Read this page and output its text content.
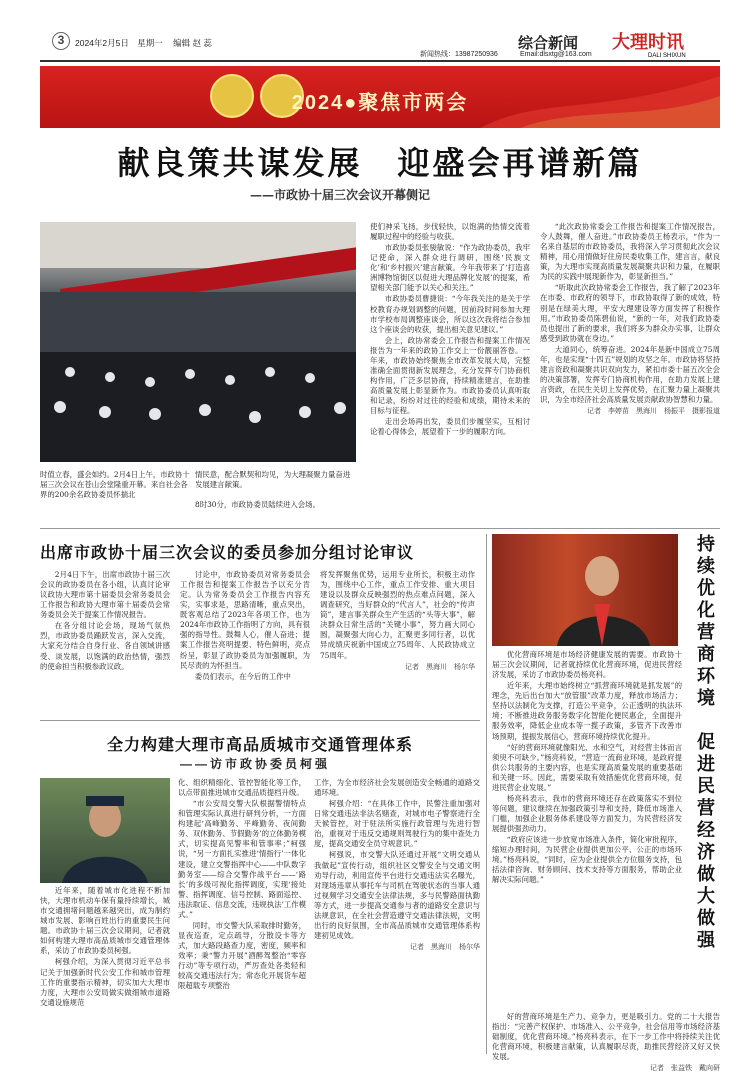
3	2024年2月5日 星期一 编辑 赵 蕊
新闻热线：13987250936	Email:dlsxtg@163.com
综合新闻 大理时讯
DALI SHIXUN
2024●聚焦市两会
献良策共谋发展　迎盛会再谱新篇
——市政协十届三次会议开幕侧记
时值立春，盛会如约。2月4日上午，市政协十届三次会议在苍山会堂隆重开幕。来自社会各界的200余名政协委员怀揣北
情民意，配合默契和均见，为大理凝聚力量奋进发展建言献策。
8时30分，市政协委员陆续进入会场。

使们神采飞扬，步伐轻快，以饱满的热情交流着履职过程中的经验与收获。

市政协委员张骏敏说：“作为政协委员，我牢记使命，深入群众进行调研，围绕‘民族文化’和‘乡村振兴’建言献策。今年我带来了‘打造喜洲博物馆街区以促进大理品牌化发展’的提案，希望相关部门能予以关心和关注。”

市政协委员曹捷说：“今年我关注的是关于学校教育办规划调整的问题，因前段时间参加大理市学校布局调整座谈会，所以这次我将结合参加这个座谈会的收获，提出相关意见建议。”

会上，政协常委会工作报告和提案工作情况报告为一年来的政协工作交上一份靓丽答卷。一年来，市政协始终聚焦全市改革发展大局，完整准确全面贯彻新发展理念，充分发挥专门协商机构作用，广泛多层协商，持续精准建言，在助推高质量发展上彰显新作为。市政协委员认真听取和记录，纷纷对过往的经验和成绩，期待未来的目标与征程。

走出会场再出发，委员们步履坚实，互相讨论着心得体会，展望着下一步的履职方向。

“此次政协常委会工作报告和提案工作情况报告，令人鼓舞，催人奋进。”市政协委员王杨表示，“作为一名来自基层的市政协委员，我将深入学习贯彻此次会议精神，用心用情做好住房民委收集工作，建言言，献良策，为大理市实现高质量发展凝聚共识和力量，在履职为民的实践中展现新作为，彰显新担当。”

“听取此次政协常委会工作报告，我了解了2023年在市委、市政府的领导下，市政协取得了新的成效，特别是在绿美大理，平安大理建设等方面发挥了积极作用。”市政协委员陈碧仙说，“新的一年，对我们政协委员也提出了新的要求，我们将多为群众办实事，让群众感受到政协就在身边。”

大道同心，统筹奋进。2024年是新中国成立75周年，也是实现“十四五”规划的攻坚之年。市政协将坚持建言资政和凝聚共识双向发力，紧扣市委十届五次全会的决策部署，发挥专门协商机构作用，在助力发展上建言资政，在民生关切上发挥优势，在汇聚力量上凝聚共识，为全市经济社会高质量发展贡献政协智慧和力量。

记者　李婷苗　黑海川　杨振平　摄影报道
出席市政协十届三次会议的委员参加分组讨论审议

2月4日下午，出席市政协十届三次会议的政协委员在各小组，认真讨论审议政协大理市第十届委员会常务委员会工作报告和政协大理市第十届委员会常务委员会关于提案工作情况报告。

在各分组讨论会场，现场气氛热烈，市政协委员踊跃发言，深入交流，大家充分结合自身行业、各自领域讲感受、谈发展，以饱满的政治热情，强烈的使命担当积极参政议政。

讨论中，市政协委员对常务委员会工作报告和提案工作报告予以充分肯定。认为常务委员会工作报告内容充实，实事求是，思路清晰，重点突出，既客观总结了2023年各项工作，也为2024年市政协工作指明了方向，具有很强的指导性。鼓舞人心，催人奋进；提案工作报告亮明提要、特色鲜明，亮点纷呈，彰显了政协委员为加强履职，为民尽责的为怀担当。

委员们表示，在今后的工作中

将发挥聚焦优势，运用专业所长，积极主动作为，围绕中心工作，重点工作安排、重大项目建设以及群众反映强烈的热点难点问题，深入调查研究，当好群众的“代言人”，社会的“传声筒”，建言事关群众生产生活的“头等大事”，解决群众日常生活的“关键小事”，努力画大同心圆，凝聚强大向心力，汇聚更多同行者，以优异成绩庆祝新中国成立75周年、人民政协成立75周年。

记者　黑海川　杨尔华
全力构建大理市高品质城市交通管理体系
——访市政协委员柯强

近年来，随着城市化进程不断加快，大理市机动车保有量持续增长，城市交通拥堵问题越来越突出，成为制约城市发展、影响百姓出行的重要民生问题。市政协十届三次会议期间，记者就如何构建大理市高品质城市交通管理体系，采访了市政协委员柯强。

柯强介绍，为深入贯彻习近平总书记关于加强新时代公安工作和城市管理工作的重要指示精神，切实加大大理市力度，大理市公安局做实做细城市道路交通设施规范

化、组织精细化、管控智能化等工作，以点带面推进城市交通品质提档升级。

“市公安局交警大队根据警情特点和管理实际认真进行研判分析，一方面构建起‘高峰勤务、平峰勤务、夜间勤务、双休勤务、节假勤务’的立体勤务模式，切实提高见警率和管事率；”柯强说，“另一方面扎实推进‘情指行’一体化建设，建立交警指挥中心——中队数字勤务室——综合交警作战平台——‘路长’的多级可视化指挥调度，实现‘接处警、指挥调度、信号控制、路面巡控、违法取证、信息交流，违规执法’工作模式。”

同时，市交警大队采取排时勤务，显夜巡查，定点疏导，分散设卡等方式，加大路段路查力度，密度，频率和效率；秉“警力开展”酒醉驾整治“零容行动”等专项行动，严厉查处各类轻和较高交通违法行为；常态化开展货车超限超载专项整治

工作，为全市经济社会发展创造安全畅通的道路交通环境。

柯强介绍：“在具体工作中，民警注重加强对日常交通违法非法名赌查，对城市电子警察进行全天候管控，对于驻法所实施行政管理与先进行智治，重视对于违反交通规则驾驶行为的集中查处力度，提高交通安全员守规意识。”

柯强说，市交警大队还通过开展“文明交通从我做起”宣传行动，组织社区交警安全与交通文明劝导行动，利用宣传平台进行交通违法实名曝光，对现场违章从事托车与司机在驾驶状态的当事人通过视频学习交通安全法律法规，多与民警路面执勤等方式，进一步提高交通参与者的道路安全意识与法规意识，在全社会营造遵守交通法律法规，文明出行的良好氛围，全市高品质城市交通管理体系构建初见成效。

记者　黑海川　杨尔华	持续优化营商环境　促进民营经济做大做强

优化营商环境是市场经济健康发展的需要。市政协十届三次会议期间，记者就持续优化营商环境，促进民营经济发展，采访了市政协委员杨亮科。

近年来，大理市始终树立“抓营商环境就是抓发展”的理念，先后出台加大“放管服”改革力度，释放市场活力；坚持以法制化为支撑，打造公平竞争，公正透明的执法环境；不断推进政务服务数字化智能化便民惠企，全面提升服务效率，降低企业成本等一揽子政策，多管齐下改善市场预期，提振发展信心，营商环境持续优化提升。

“好的营商环境就像阳光、水和空气，对经营主体而言须臾不可缺少。”杨亮科说，“营造一流商业环境，是政府提供公共服务的主要内容，也是实现高质量发展的重要基础和关键一环。因此，需要采取有效措施优化营商环境，促进民营企业发展。”

杨亮科表示，我市的营商环境还存在政策落实不到位等问题，建议继续在加强政策引导和支持，降低市场准入门槛，加强企业服务体系建设等方面发力，为民营经济发展提供强劲动力。

“政府应该进一步放宽市场准入条件，简化审批程序，缩短办理时间，为民营企业提供更加公平、公正的市场环境。”杨亮科说，“同时，应为企业提供全方位服务支持，包括法律咨询、财务顾问、技术支持等方面服务，帮助企业解决实际问题。”

好的营商环境是生产力、竞争力，更是吸引力。党的二十大报告指出：“完善产权保护、市场准入、公平竞争，社会信用等市场经济基础制度，优化营商环境。”杨亮科表示，在下一步工作中将持续关注优化营商环境，积极建言献策，认真履职尽责，助推民营经济又好又快发展。

记者　张益铁　戴向研
